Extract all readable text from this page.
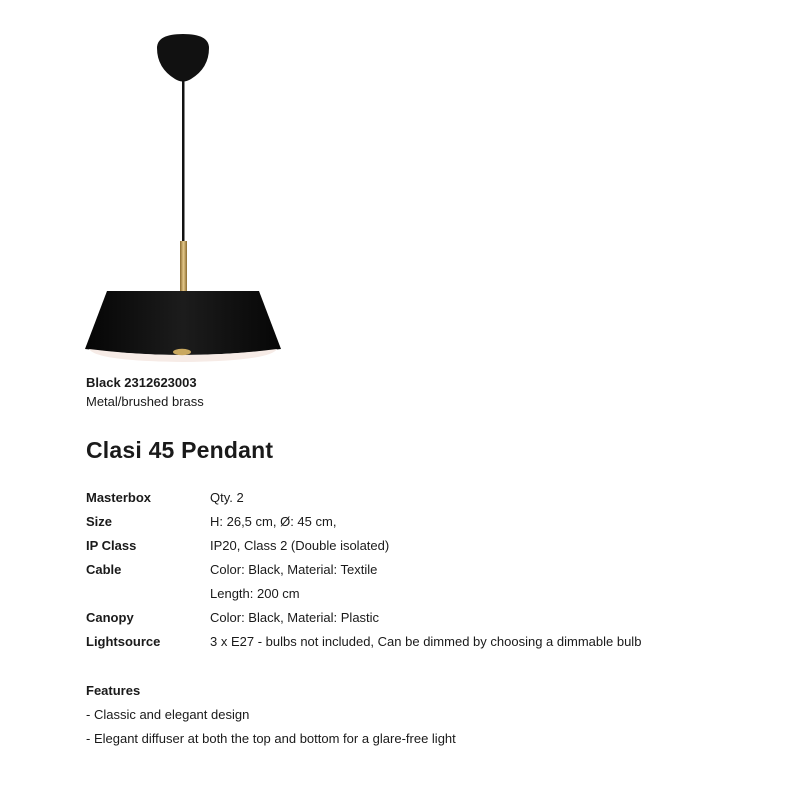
Black 2312623003
Metal/brushed brass
Clasi 45 Pendant
Masterbox	Qty. 2
Size	H: 26,5 cm, Ø: 45 cm,
IP Class	IP20, Class 2 (Double isolated)
Cable	Color: Black, Material: Textile
Length: 200 cm
Canopy	Color: Black, Material: Plastic
Lightsource	3 x E27 - bulbs not included, Can be dimmed by choosing a dimmable bulb
Features
- Classic and elegant design
- Elegant diffuser at both the top and bottom for a glare-free light
